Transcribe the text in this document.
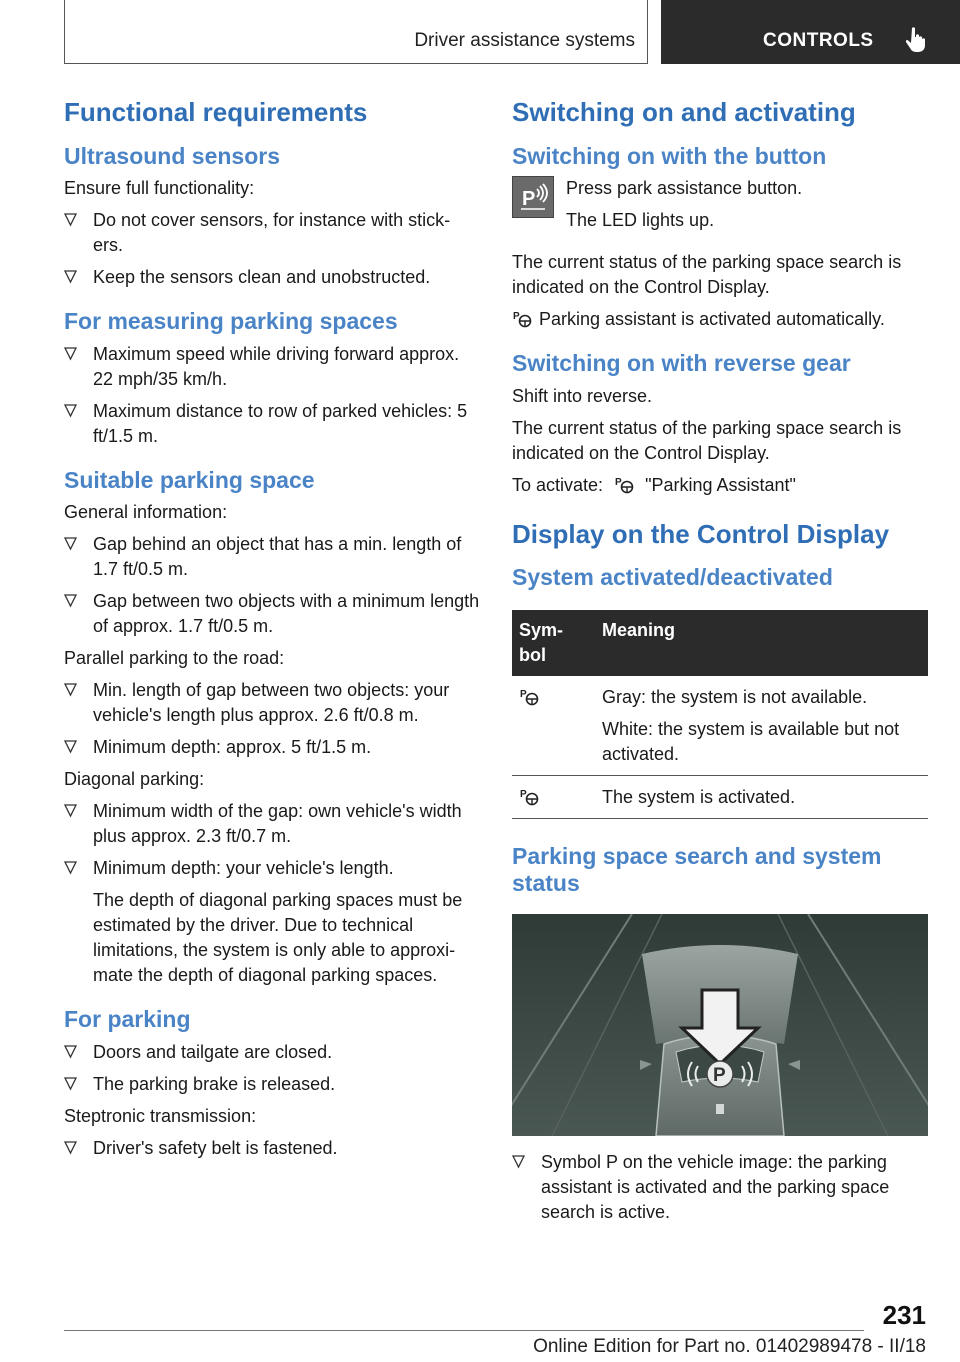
Driver assistance systems	CONTROLS
Functional requirements
Ultrasound sensors

Ensure full functionality:

Do not cover sensors, for instance with stick‐ers.
Keep the sensors clean and unobstructed.
For measuring parking spaces
Maximum speed while driving forward approx. 22 mph/35 km/h.
Maximum distance to row of parked vehicles: 5 ft/1.5 m.
Suitable parking space

General information:

Gap behind an object that has a min. length of 1.7 ft/0.5 m.
Gap between two objects with a minimum length of approx. 1.7 ft/0.5 m.

Parallel parking to the road:

Min. length of gap between two objects: your vehicle's length plus approx. 2.6 ft/0.8 m.
Minimum depth: approx. 5 ft/1.5 m.

Diagonal parking:

Minimum width of the gap: own vehicle's width plus approx. 2.3 ft/0.7 m.
Minimum depth: your vehicle's length.

The depth of diagonal parking spaces must be estimated by the driver. Due to technical limitations, the system is only able to approxi‐mate the depth of diagonal parking spaces.

For parking
Doors and tailgate are closed.
The parking brake is released.

Steptronic transmission:

Driver's safety belt is fastened.
Switching on and activating
Switching on with the button
P Press park assistance button.

The LED lights up.

The current status of the parking space search is indicated on the Control Display.

P Parking assistant is activated automatically.

Switching on with reverse gear

Shift into reverse.

The current status of the parking space search is indicated on the Control Display.

To activate: P "Parking Assistant"

Display on the Control Display
System activated/deactivated
Sym‐bol	Meaning

P	Gray: the system is not available.

White: the system is available but not activated.

P	The system is activated.

Parking space search and system status
P
Symbol P on the vehicle image: the parking assistant is activated and the parking space search is active.
231
Online Edition for Part no. 01402989478 - II/18
